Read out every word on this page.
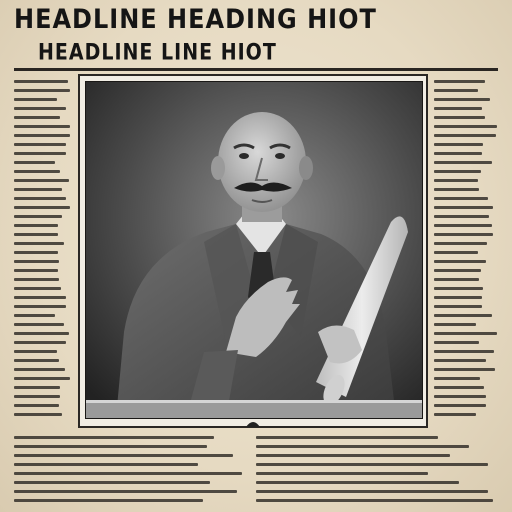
HEADLINE HEADING HIOT
HEADLINE LINE HIOT
